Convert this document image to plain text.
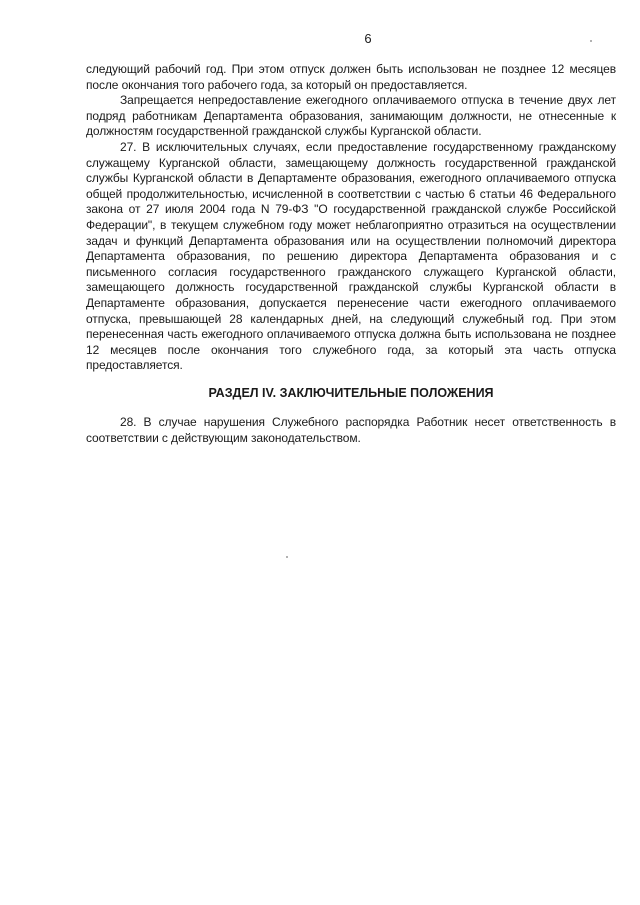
6

следующий рабочий год. При этом отпуск должен быть использован не позднее 12 месяцев после окончания того рабочего года, за который он предоставляется.

Запрещается непредоставление ежегодного оплачиваемого отпуска в течение двух лет подряд работникам Департамента образования, занимающим должности, не отнесенные к должностям государственной гражданской службы Курганской области.

27. В исключительных случаях, если предоставление государственному гражданскому служащему Курганской области, замещающему должность государственной гражданской службы Курганской области в Департаменте образования, ежегодного оплачиваемого отпуска общей продолжительностью, исчисленной в соответствии с частью 6 статьи 46 Федерального закона от 27 июля 2004 года N 79-ФЗ "О государственной гражданской службе Российской Федерации", в текущем служебном году может неблагоприятно отразиться на осуществлении задач и функций Департамента образования или на осуществлении полномочий директора Департамента образования, по решению директора Департамента образования и с письменного согласия государственного гражданского служащего Курганской области, замещающего должность государственной гражданской службы Курганской области в Департаменте образования, допускается перенесение части ежегодного оплачиваемого отпуска, превышающей 28 календарных дней, на следующий служебный год. При этом перенесенная часть ежегодного оплачиваемого отпуска должна быть использована не позднее 12 месяцев после окончания того служебного года, за который эта часть отпуска предоставляется.

РАЗДЕЛ IV. ЗАКЛЮЧИТЕЛЬНЫЕ ПОЛОЖЕНИЯ

28. В случае нарушения Служебного распорядка Работник несет ответственность в соответствии с действующим законодательством.
